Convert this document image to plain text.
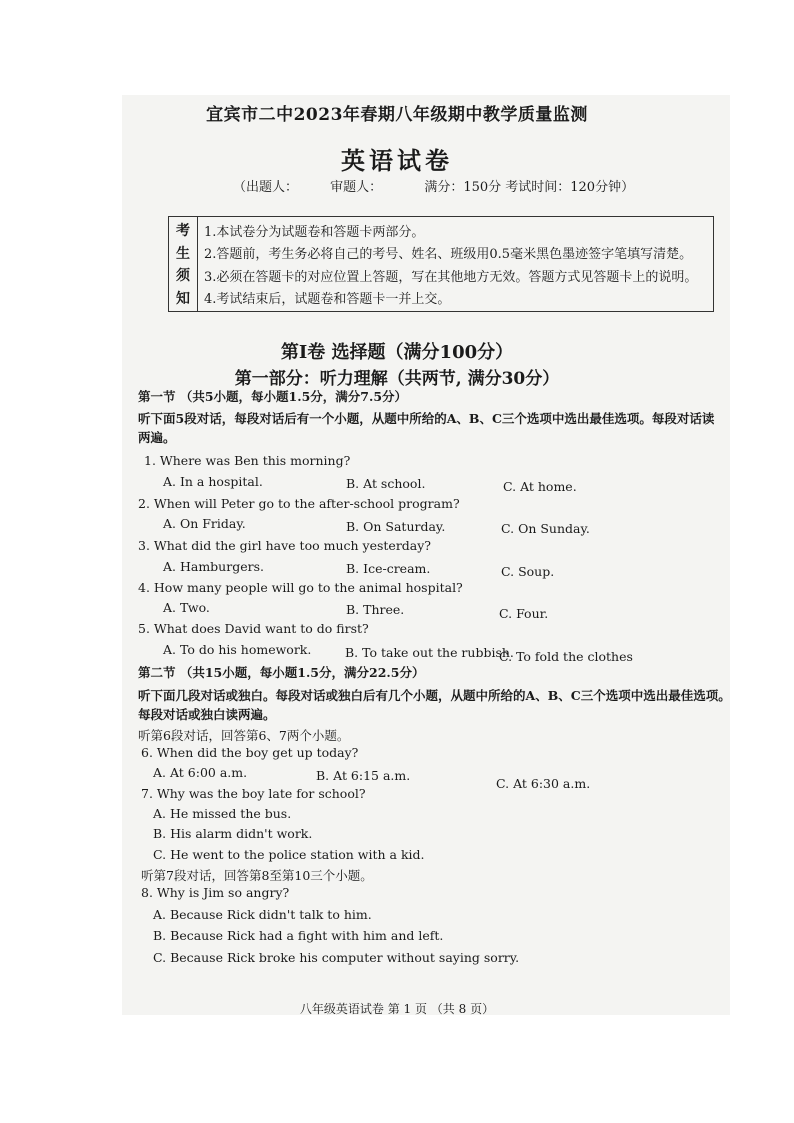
宜宾市二中2023年春期八年级期中教学质量监测
英语试卷
（出题人： 审题人：	满分：150分 考试时间：120分钟）
考
生
须
知
1.本试卷分为试题卷和答题卡两部分。
2.答题前，考生务必将自己的考号、姓名、班级用0.5毫米黑色墨迹签字笔填写清楚。
3.必须在答题卡的对应位置上答题，写在其他地方无效。答题方式见答题卡上的说明。
4.考试结束后，试题卷和答题卡一并上交。
第Ⅰ卷 选择题（满分100分）
第一部分：听力理解（共两节, 满分30分）
第一节 （共5小题，每小题1.5分，满分7.5分）
听下面5段对话，每段对话后有一个小题，从题中所给的A、B、C三个选项中选出最佳选项。每段对话读
两遍。
1. Where was Ben this morning?
A. In a hospital.	B. At school.	C. At home.
2. When will Peter go to the after-school program?
A. On Friday.	B. On Saturday.	C. On Sunday.
3. What did the girl have too much yesterday?
A. Hamburgers.	B. Ice-cream.	C. Soup.
4. How many people will go to the animal hospital?
A. Two.	B. Three.	C. Four.
5. What does David want to do first?
A. To do his homework.	B. To take out the rubbish.
C. To fold the clothes
第二节 （共15小题，每小题1.5分，满分22.5分）
听下面几段对话或独白。每段对话或独白后有几个小题，从题中所给的A、B、C三个选项中选出最佳选项。
每段对话或独白读两遍。
听第6段对话，回答第6、7两个小题。
6. When did the boy get up today?
A. At 6:00 a.m.	B. At 6:15 a.m.
C. At 6:30 a.m.
7. Why was the boy late for school?
A. He missed the bus.
B. His alarm didn't work.
C. He went to the police station with a kid.
听第7段对话，回答第8至第10三个小题。
8. Why is Jim so angry?
A. Because Rick didn't talk to him.
B. Because Rick had a fight with him and left.
C. Because Rick broke his computer without saying sorry.
八年级英语试卷 第 1 页 （共 8 页）
